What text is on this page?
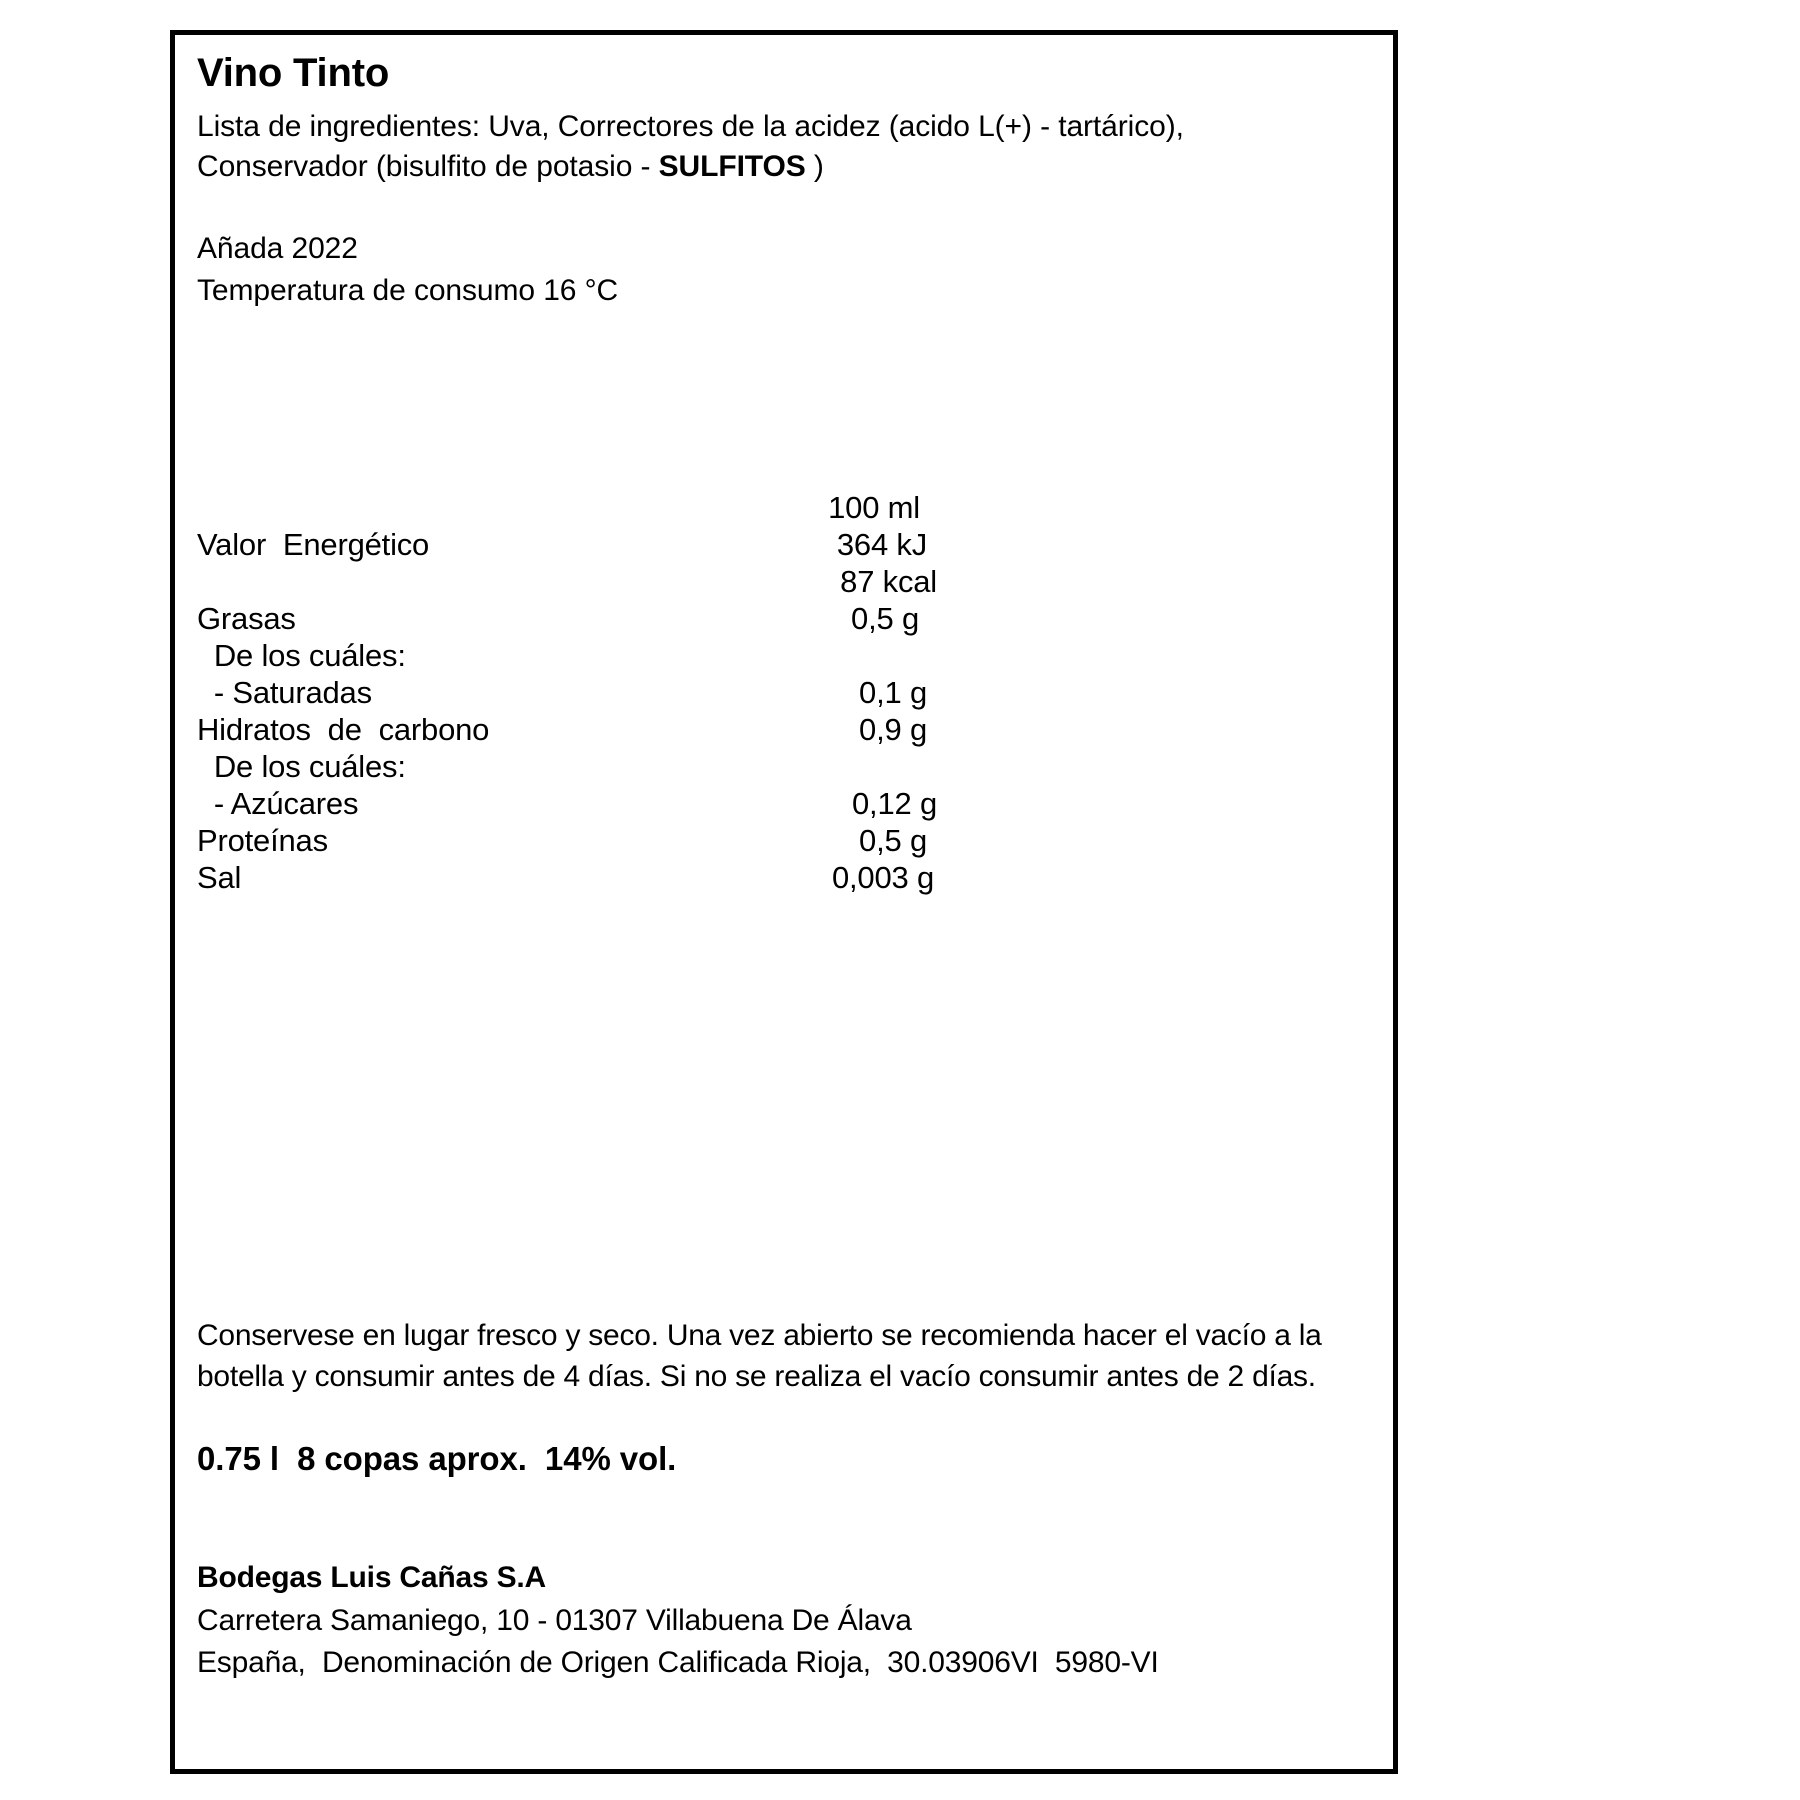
Vino Tinto

Lista de ingredientes: Uva, Correctores de la acidez (acido L(+) - tartárico),
Conservador (bisulfito de potasio - SULFITOS )

Añada 2022
Temperatura de consumo 16 °C
100 ml
Valor  Energético	364 kJ
87 kcal
Grasas	0,5 g
De los cuáles:
- Saturadas	0,1 g
Hidratos  de  carbono	0,9 g
De los cuáles:
- Azúcares	0,12 g
Proteínas	0,5 g
Sal	0,003 g

Conservese en lugar fresco y seco. Una vez abierto se recomienda hacer el vacío a la botella y consumir antes de 4 días. Si no se realiza el vacío consumir antes de 2 días.

0.75 l  8 copas aprox.  14% vol.
Bodegas Luis Cañas S.A
Carretera Samaniego, 10 - 01307 Villabuena De Álava
España,  Denominación de Origen Calificada Rioja,  30.03906VI  5980-VI
